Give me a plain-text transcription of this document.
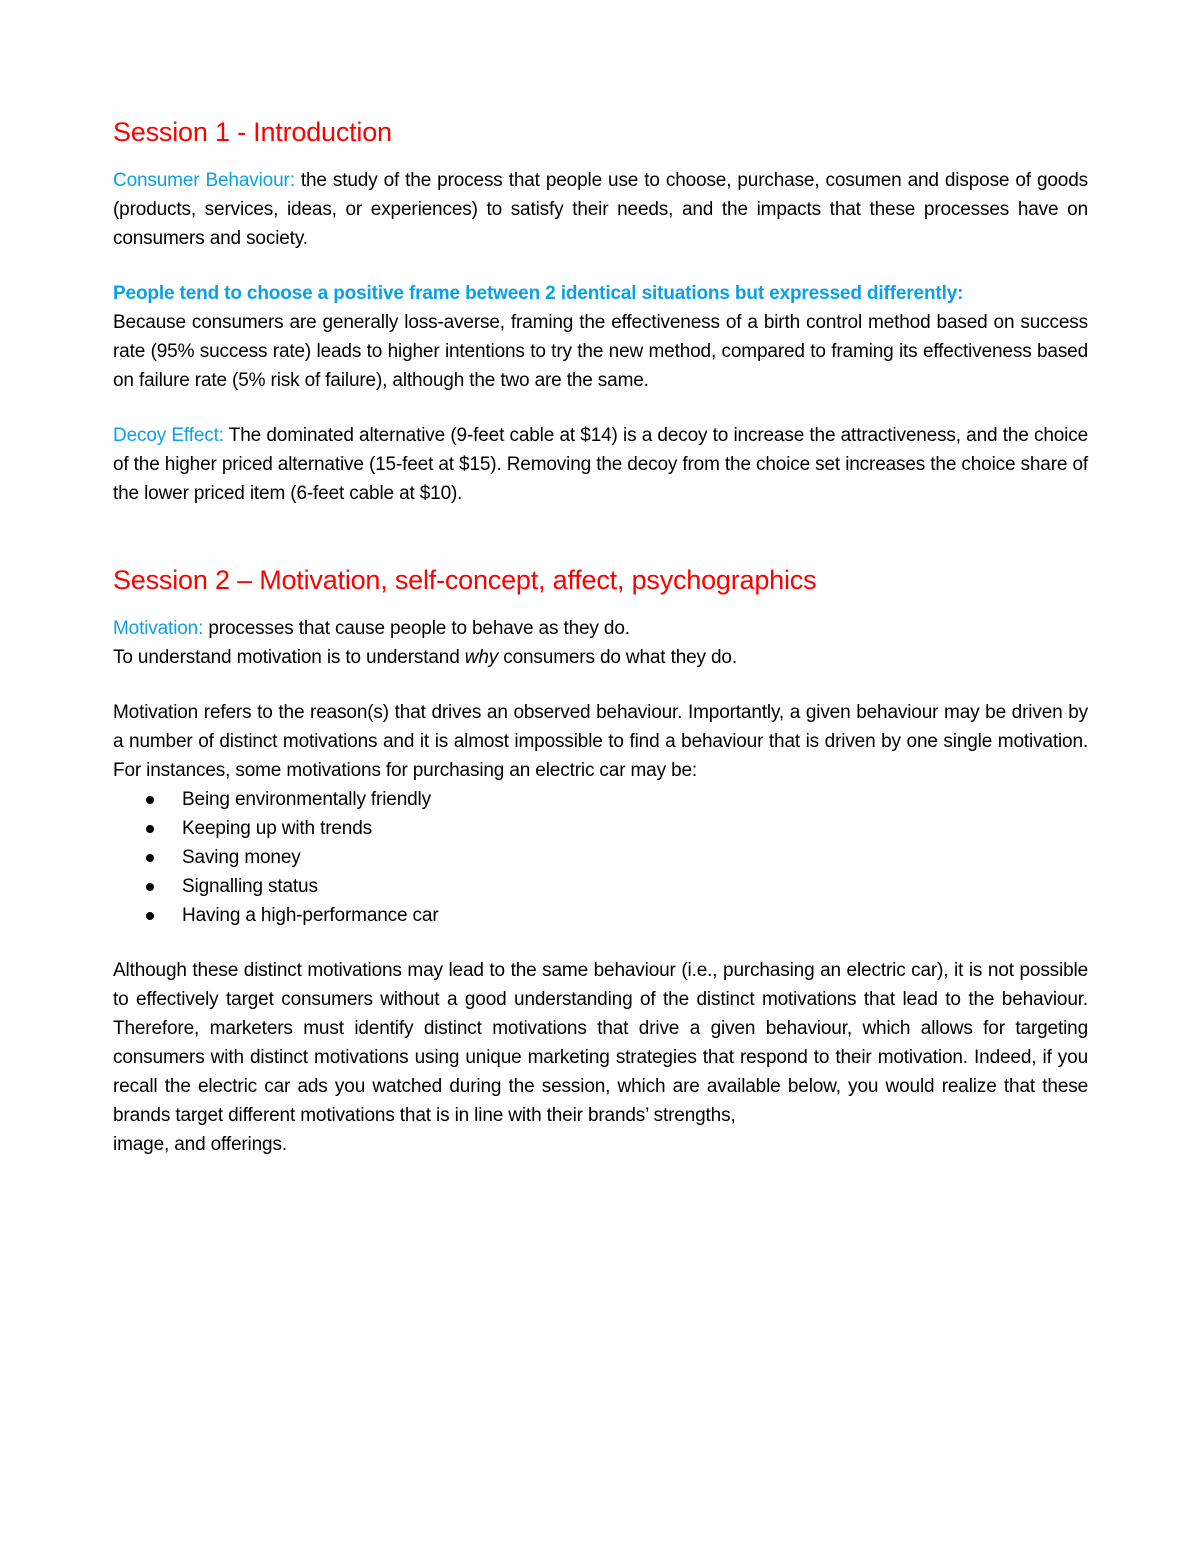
Session 1 - Introduction

Consumer Behaviour: the study of the process that people use to choose, purchase, cosumen and dispose of goods (products, services, ideas, or experiences) to satisfy their needs, and the impacts that these processes have on consumers and society.

People tend to choose a positive frame between 2 identical situations but expressed differently:

Because consumers are generally loss-averse, framing the effectiveness of a birth control method based on success rate (95% success rate) leads to higher intentions to try the new method, compared to framing its effectiveness based on failure rate (5% risk of failure), although the two are the same.

Decoy Effect: The dominated alternative (9-feet cable at $14) is a decoy to increase the attractiveness, and the choice of the higher priced alternative (15-feet at $15). Removing the decoy from the choice set increases the choice share of the lower priced item (6-feet cable at $10).

Session 2 – Motivation, self-concept, affect, psychographics

Motivation: processes that cause people to behave as they do.

To understand motivation is to understand why consumers do what they do.

Motivation refers to the reason(s) that drives an observed behaviour. Importantly, a given behaviour may be driven by a number of distinct motivations and it is almost impossible to find a behaviour that is driven by one single motivation. For instances, some motivations for purchasing an electric car may be:

Being environmentally friendly
Keeping up with trends
Saving money
Signalling status
Having a high-performance car

Although these distinct motivations may lead to the same behaviour (i.e., purchasing an electric car), it is not possible to effectively target consumers without a good understanding of the distinct motivations that lead to the behaviour. Therefore, marketers must identify distinct motivations that drive a given behaviour, which allows for targeting consumers with distinct motivations using unique marketing strategies that respond to their motivation. Indeed, if you recall the electric car ads you watched during the session, which are available below, you would realize that these brands target different motivations that is in line with their brands’ strengths,

image, and offerings.
